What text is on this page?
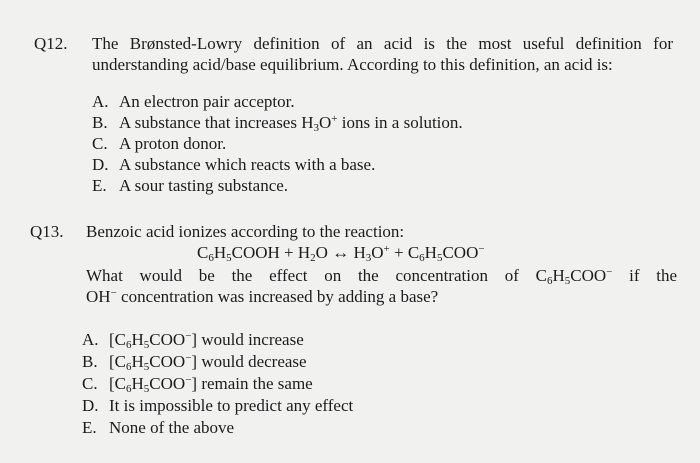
Q12. The Brønsted-Lowry definition of an acid is the most useful definition for
understanding acid/base equilibrium. According to this definition, an acid is:
A. An electron pair acceptor.
B. A substance that increases $H_3O^+$ ions in a solution.
C. A proton donor.
D. A substance which reacts with a base.
E. A sour tasting substance.
Q13. Benzoic acid ionizes according to the reaction:
$C_6H_5COOH + H_2O$ ↔ $H_3O^+ + C_6H_5COO^-$
What would be the effect on the concentration of $C_6H_5COO^-$ if the
OH− concentration was increased by adding a base?
A. $[C_6H_5COO^-]$ would increase
B. $[C_6H_5COO^-]$ would decrease
C. $[C_6H_5COO^-]$ remain the same
D. It is impossible to predict any effect
E. None of the above
